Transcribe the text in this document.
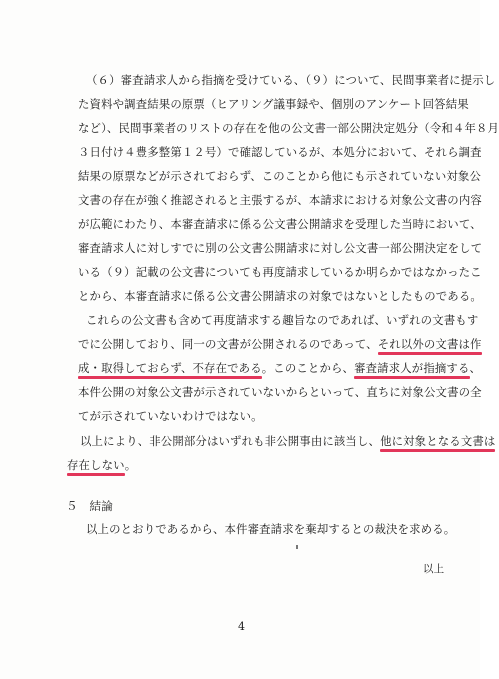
（６）審査請求人から指摘を受けている、（９）について、民間事業者に提示し
た資料や調査結果の原票（ヒアリング議事録や、個別のアンケート回答結果
など）、民間事業者のリストの存在を他の公文書一部公開決定処分（令和４年８月
３日付け４豊多整第１２号）で確認しているが、本処分において、それら調査
結果の原票などが示されておらず、このことから他にも示されていない対象公
文書の存在が強く推認されると主張するが、本請求における対象公文書の内容
が広範にわたり、本審査請求に係る公文書公開請求を受理した当時において、
審査請求人に対しすでに別の公文書公開請求に対し公文書一部公開決定をして
いる（９）記載の公文書についても再度請求しているか明らかではなかったこ
とから、本審査請求に係る公文書公開請求の対象ではないとしたものである。
これらの公文書も含めて再度請求する趣旨なのであれば、いずれの文書もす
でに公開しており、同一の文書が公開されるのであって、それ以外の文書は作
成・取得しておらず、不存在である。このことから、審査請求人が指摘する、
本件公開の対象公文書が示されていないからといって、直ちに対象公文書の全
てが示されていないわけではない。
以上により、非公開部分はいずれも非公開事由に該当し、他に対象となる文書は
存在しない。
５　結論
以上のとおりであるから、本件審査請求を棄却するとの裁決を求める。
以上
4
